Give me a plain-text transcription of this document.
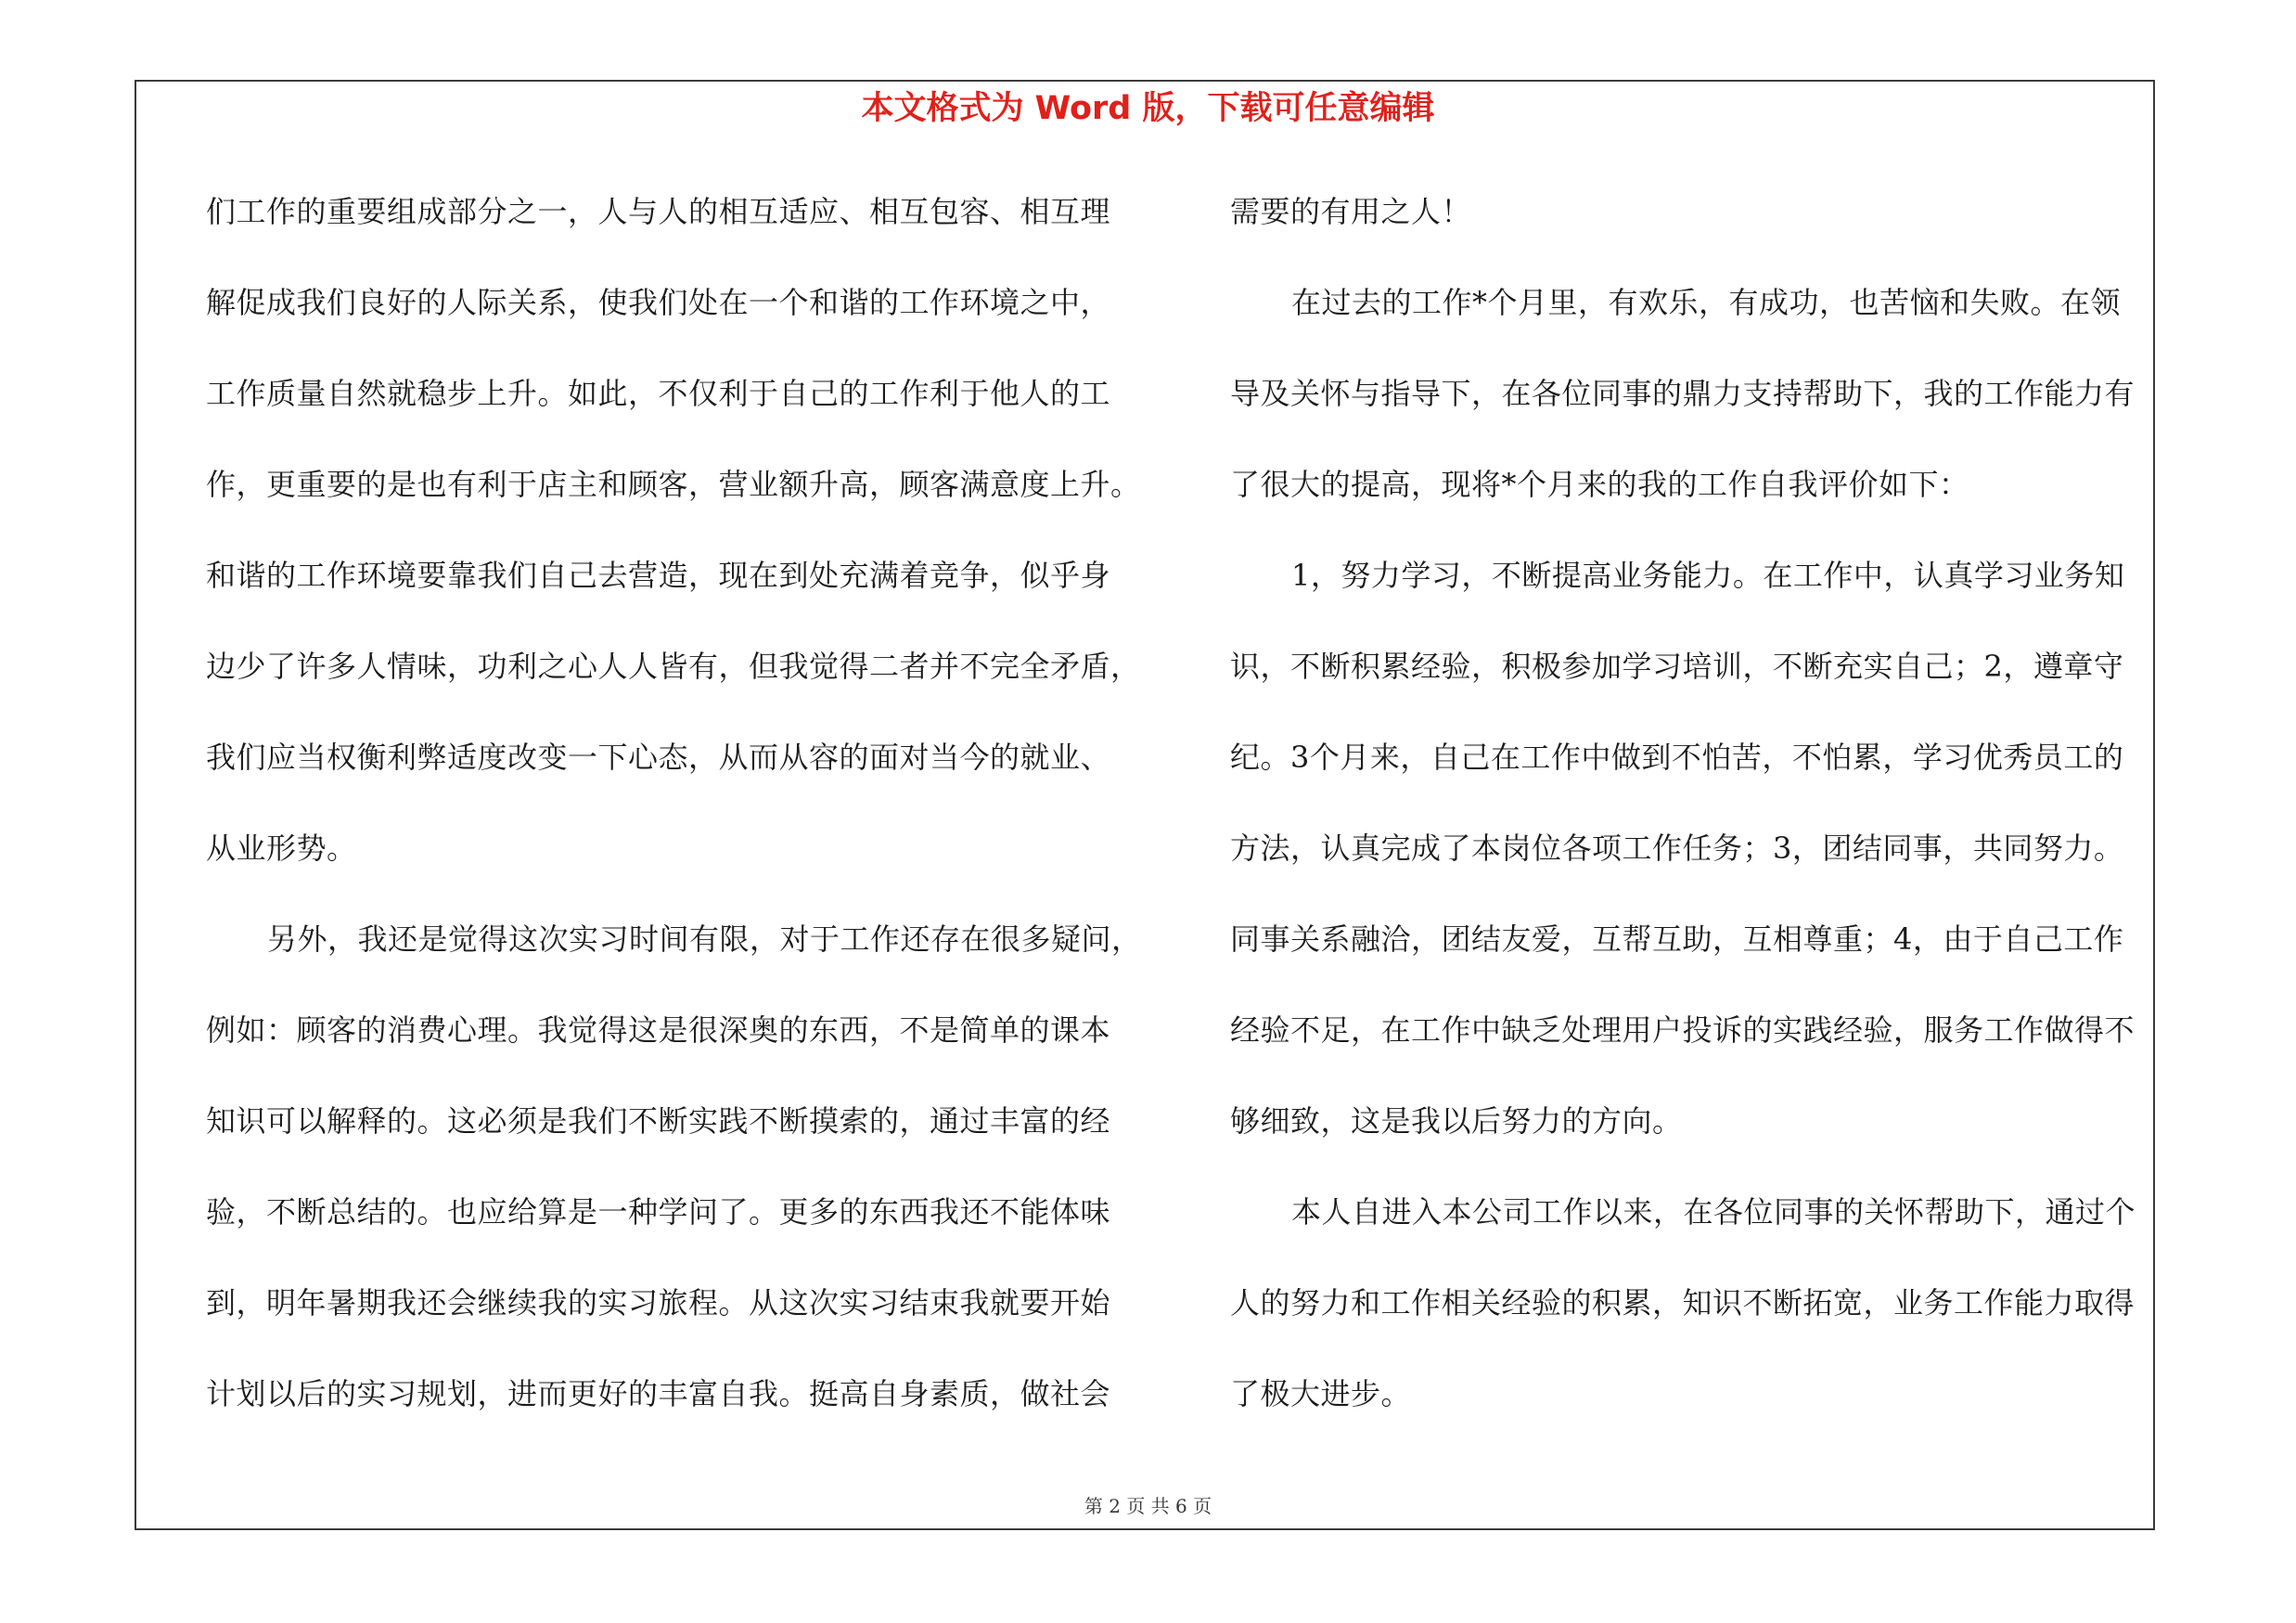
本文格式为 Word 版，下载可任意编辑
们工作的重要组成部分之一，人与人的相互适应、相互包容、相互理
解促成我们良好的人际关系，使我们处在一个和谐的工作环境之中，
工作质量自然就稳步上升。如此，不仅利于自己的工作利于他人的工
作，更重要的是也有利于店主和顾客，营业额升高，顾客满意度上升。
和谐的工作环境要靠我们自己去营造，现在到处充满着竞争，似乎身
边少了许多人情味，功利之心人人皆有，但我觉得二者并不完全矛盾，
我们应当权衡利弊适度改变一下心态，从而从容的面对当今的就业、
从业形势。
另外，我还是觉得这次实习时间有限，对于工作还存在很多疑问，
例如：顾客的消费心理。我觉得这是很深奥的东西，不是简单的课本
知识可以解释的。这必须是我们不断实践不断摸索的，通过丰富的经
验，不断总结的。也应给算是一种学问了。更多的东西我还不能体味
到，明年暑期我还会继续我的实习旅程。从这次实习结束我就要开始
计划以后的实习规划，进而更好的丰富自我。挺高自身素质，做社会
需要的有用之人！
在过去的工作*个月里，有欢乐，有成功，也苦恼和失败。在领
导及关怀与指导下，在各位同事的鼎力支持帮助下，我的工作能力有
了很大的提高，现将*个月来的我的工作自我评价如下：
1，努力学习，不断提高业务能力。在工作中，认真学习业务知
识，不断积累经验，积极参加学习培训，不断充实自己；2，遵章守
纪。3个月来，自己在工作中做到不怕苦，不怕累，学习优秀员工的
方法，认真完成了本岗位各项工作任务；3，团结同事，共同努力。
同事关系融洽，团结友爱，互帮互助，互相尊重；4，由于自己工作
经验不足，在工作中缺乏处理用户投诉的实践经验，服务工作做得不
够细致，这是我以后努力的方向。
本人自进入本公司工作以来，在各位同事的关怀帮助下，通过个
人的努力和工作相关经验的积累，知识不断拓宽，业务工作能力取得
了极大进步。
第 2 页 共 6 页
